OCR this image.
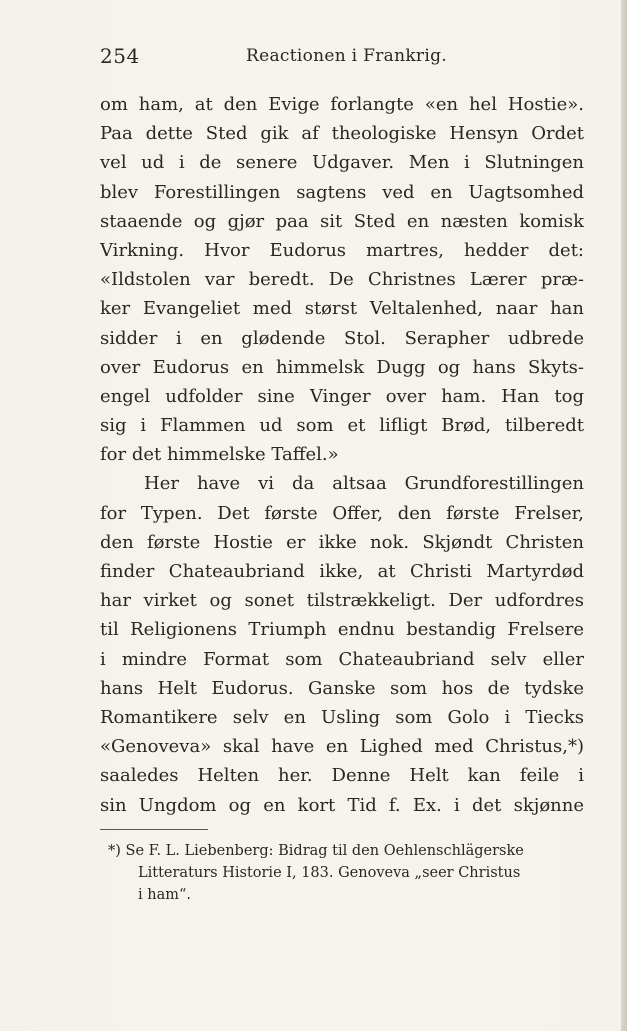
254	Reactionen i Frankrig.
om ham, at den Evige forlangte «en hel Hostie».
Paa dette Sted gik af theologiske Hensyn Ordet
vel ud i de senere Udgaver. Men i Slutningen
blev Forestillingen sagtens ved en Uagtsomhed
staaende og gjør paa sit Sted en næsten komisk
Virkning. Hvor Eudorus martres, hedder det:
«Ildstolen var beredt. De Christnes Lærer præ-
ker Evangeliet med størst Veltalenhed, naar han
sidder i en glødende Stol. Serapher udbrede
over Eudorus en himmelsk Dugg og hans Skyts-
engel udfolder sine Vinger over ham. Han tog
sig i Flammen ud som et lifligt Brød, tilberedt
for det himmelske Taffel.»
Her have vi da altsaa Grundforestillingen
for Typen. Det første Offer, den første Frelser,
den første Hostie er ikke nok. Skjøndt Christen
finder Chateaubriand ikke, at Christi Martyrdød
har virket og sonet tilstrækkeligt. Der udfordres
til Religionens Triumph endnu bestandig Frelsere
i mindre Format som Chateaubriand selv eller
hans Helt Eudorus. Ganske som hos de tydske
Romantikere selv en Usling som Golo i Tiecks
«Genoveva» skal have en Lighed med Christus,*)
saaledes Helten her. Denne Helt kan feile i
sin Ungdom og en kort Tid f. Ex. i det skjønne
*) Se F. L. Liebenberg: Bidrag til den Oehlenschlägerske
Litteraturs Historie I, 183. Genoveva „seer Christus
i ham“.
